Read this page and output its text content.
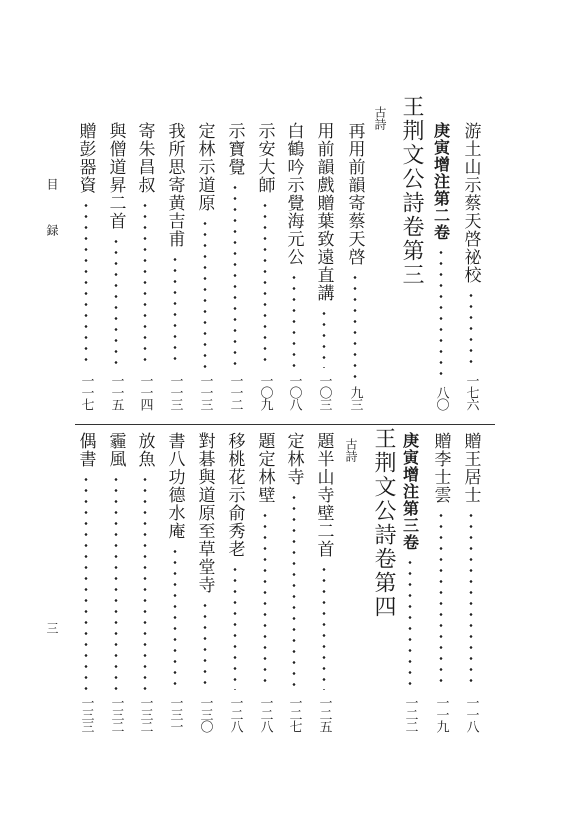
目 録
三
游土山示蔡天啓祕校
一七六
庚寅增注第二卷
八〇
王荆文公詩卷第三
古詩
再用前韻寄蔡天啓
九三
用前韻戲贈葉致遠直講
一〇三
白鶴吟示覺海元公
一〇八
示安大師
一〇九
示寶覺
一一二
定林示道原
一一三
我所思寄黄吉甫
一一三
寄朱昌叔
一一四
與僧道昇二首
一一五
贈彭器資
一一七
贈王居士
一一八
贈李士雲
一一九
庚寅增注第三卷
一二二
王荆文公詩卷第四
古詩
題半山寺壁二首
一二五
定林寺
一二七
題定林壁
一二八
移桃花示俞秀老
一二八
對碁與道原至草堂寺
一三〇
書八功德水庵
一三一
放魚
一三二
霾風
一三二
偶書
一三三
